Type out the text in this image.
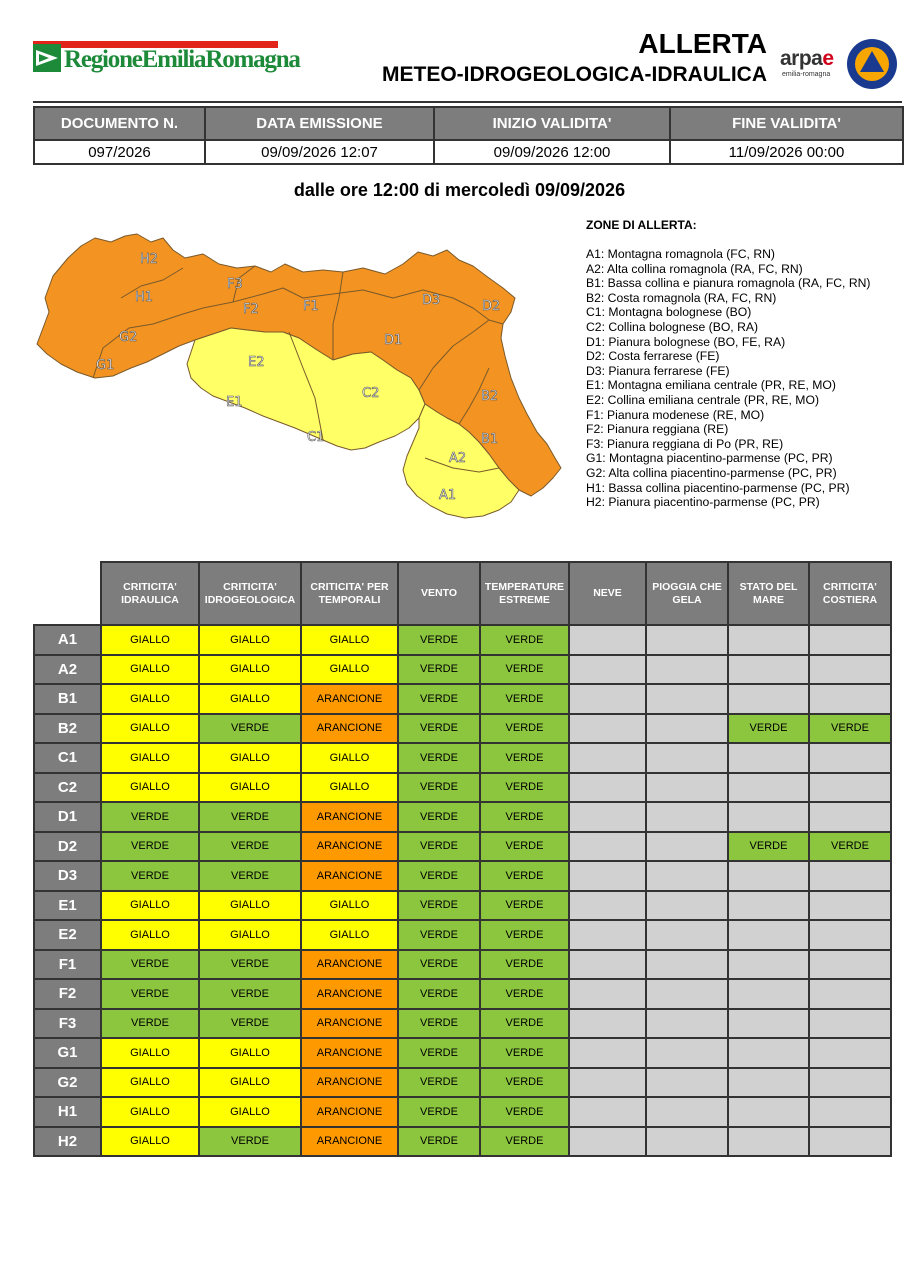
RegioneEmiliaRomagna
ALLERTA
METEO-IDROGEOLOGICA-IDRAULICA
arpae
emilia-romagna
DOCUMENTO N.	DATA EMISSIONE	INIZIO VALIDITA'	FINE VALIDITA'
097/2026	09/09/2026 12:07	09/09/2026 12:00	11/09/2026 00:00
dalle ore 12:00 di mercoledì 09/09/2026
H2
H1
G2
G1
F3
F2	F1	D3	D2
D1
B2
B1
A2
A1
E2
E1
C2
C1
ZONE DI ALLERTA:
A1: Montagna romagnola (FC, RN)
A2: Alta collina romagnola (RA, FC, RN)
B1: Bassa collina e pianura romagnola (RA, FC, RN)
B2: Costa romagnola (RA, FC, RN)
C1: Montagna bolognese (BO)
C2: Collina bolognese (BO, RA)
D1: Pianura bolognese (BO, FE, RA)
D2: Costa ferrarese (FE)
D3: Pianura ferrarese (FE)
E1: Montagna emiliana centrale (PR, RE, MO)
E2: Collina emiliana centrale (PR, RE, MO)
F1: Pianura modenese (RE, MO)
F2: Pianura reggiana (RE)
F3: Pianura reggiana di Po (PR, RE)
G1: Montagna piacentino-parmense (PC, PR)
G2: Alta collina piacentino-parmense (PC, PR)
H1: Bassa collina piacentino-parmense (PC, PR)
H2: Pianura piacentino-parmense (PC, PR)
	CRITICITA' IDRAULICA	CRITICITA' IDROGEOLOGICA	CRITICITA' PER TEMPORALI	VENTO	TEMPERATURE ESTREME	NEVE	PIOGGIA CHE GELA	STATO DEL MARE	CRITICITA' COSTIERA
A1	GIALLO	GIALLO	GIALLO	VERDE	VERDE				
A2	GIALLO	GIALLO	GIALLO	VERDE	VERDE				
B1	GIALLO	GIALLO	ARANCIONE	VERDE	VERDE				
B2	GIALLO	VERDE	ARANCIONE	VERDE	VERDE			VERDE	VERDE
C1	GIALLO	GIALLO	GIALLO	VERDE	VERDE				
C2	GIALLO	GIALLO	GIALLO	VERDE	VERDE				
D1	VERDE	VERDE	ARANCIONE	VERDE	VERDE				
D2	VERDE	VERDE	ARANCIONE	VERDE	VERDE			VERDE	VERDE
D3	VERDE	VERDE	ARANCIONE	VERDE	VERDE				
E1	GIALLO	GIALLO	GIALLO	VERDE	VERDE				
E2	GIALLO	GIALLO	GIALLO	VERDE	VERDE				
F1	VERDE	VERDE	ARANCIONE	VERDE	VERDE				
F2	VERDE	VERDE	ARANCIONE	VERDE	VERDE				
F3	VERDE	VERDE	ARANCIONE	VERDE	VERDE				
G1	GIALLO	GIALLO	ARANCIONE	VERDE	VERDE				
G2	GIALLO	GIALLO	ARANCIONE	VERDE	VERDE				
H1	GIALLO	GIALLO	ARANCIONE	VERDE	VERDE				
H2	GIALLO	VERDE	ARANCIONE	VERDE	VERDE				
